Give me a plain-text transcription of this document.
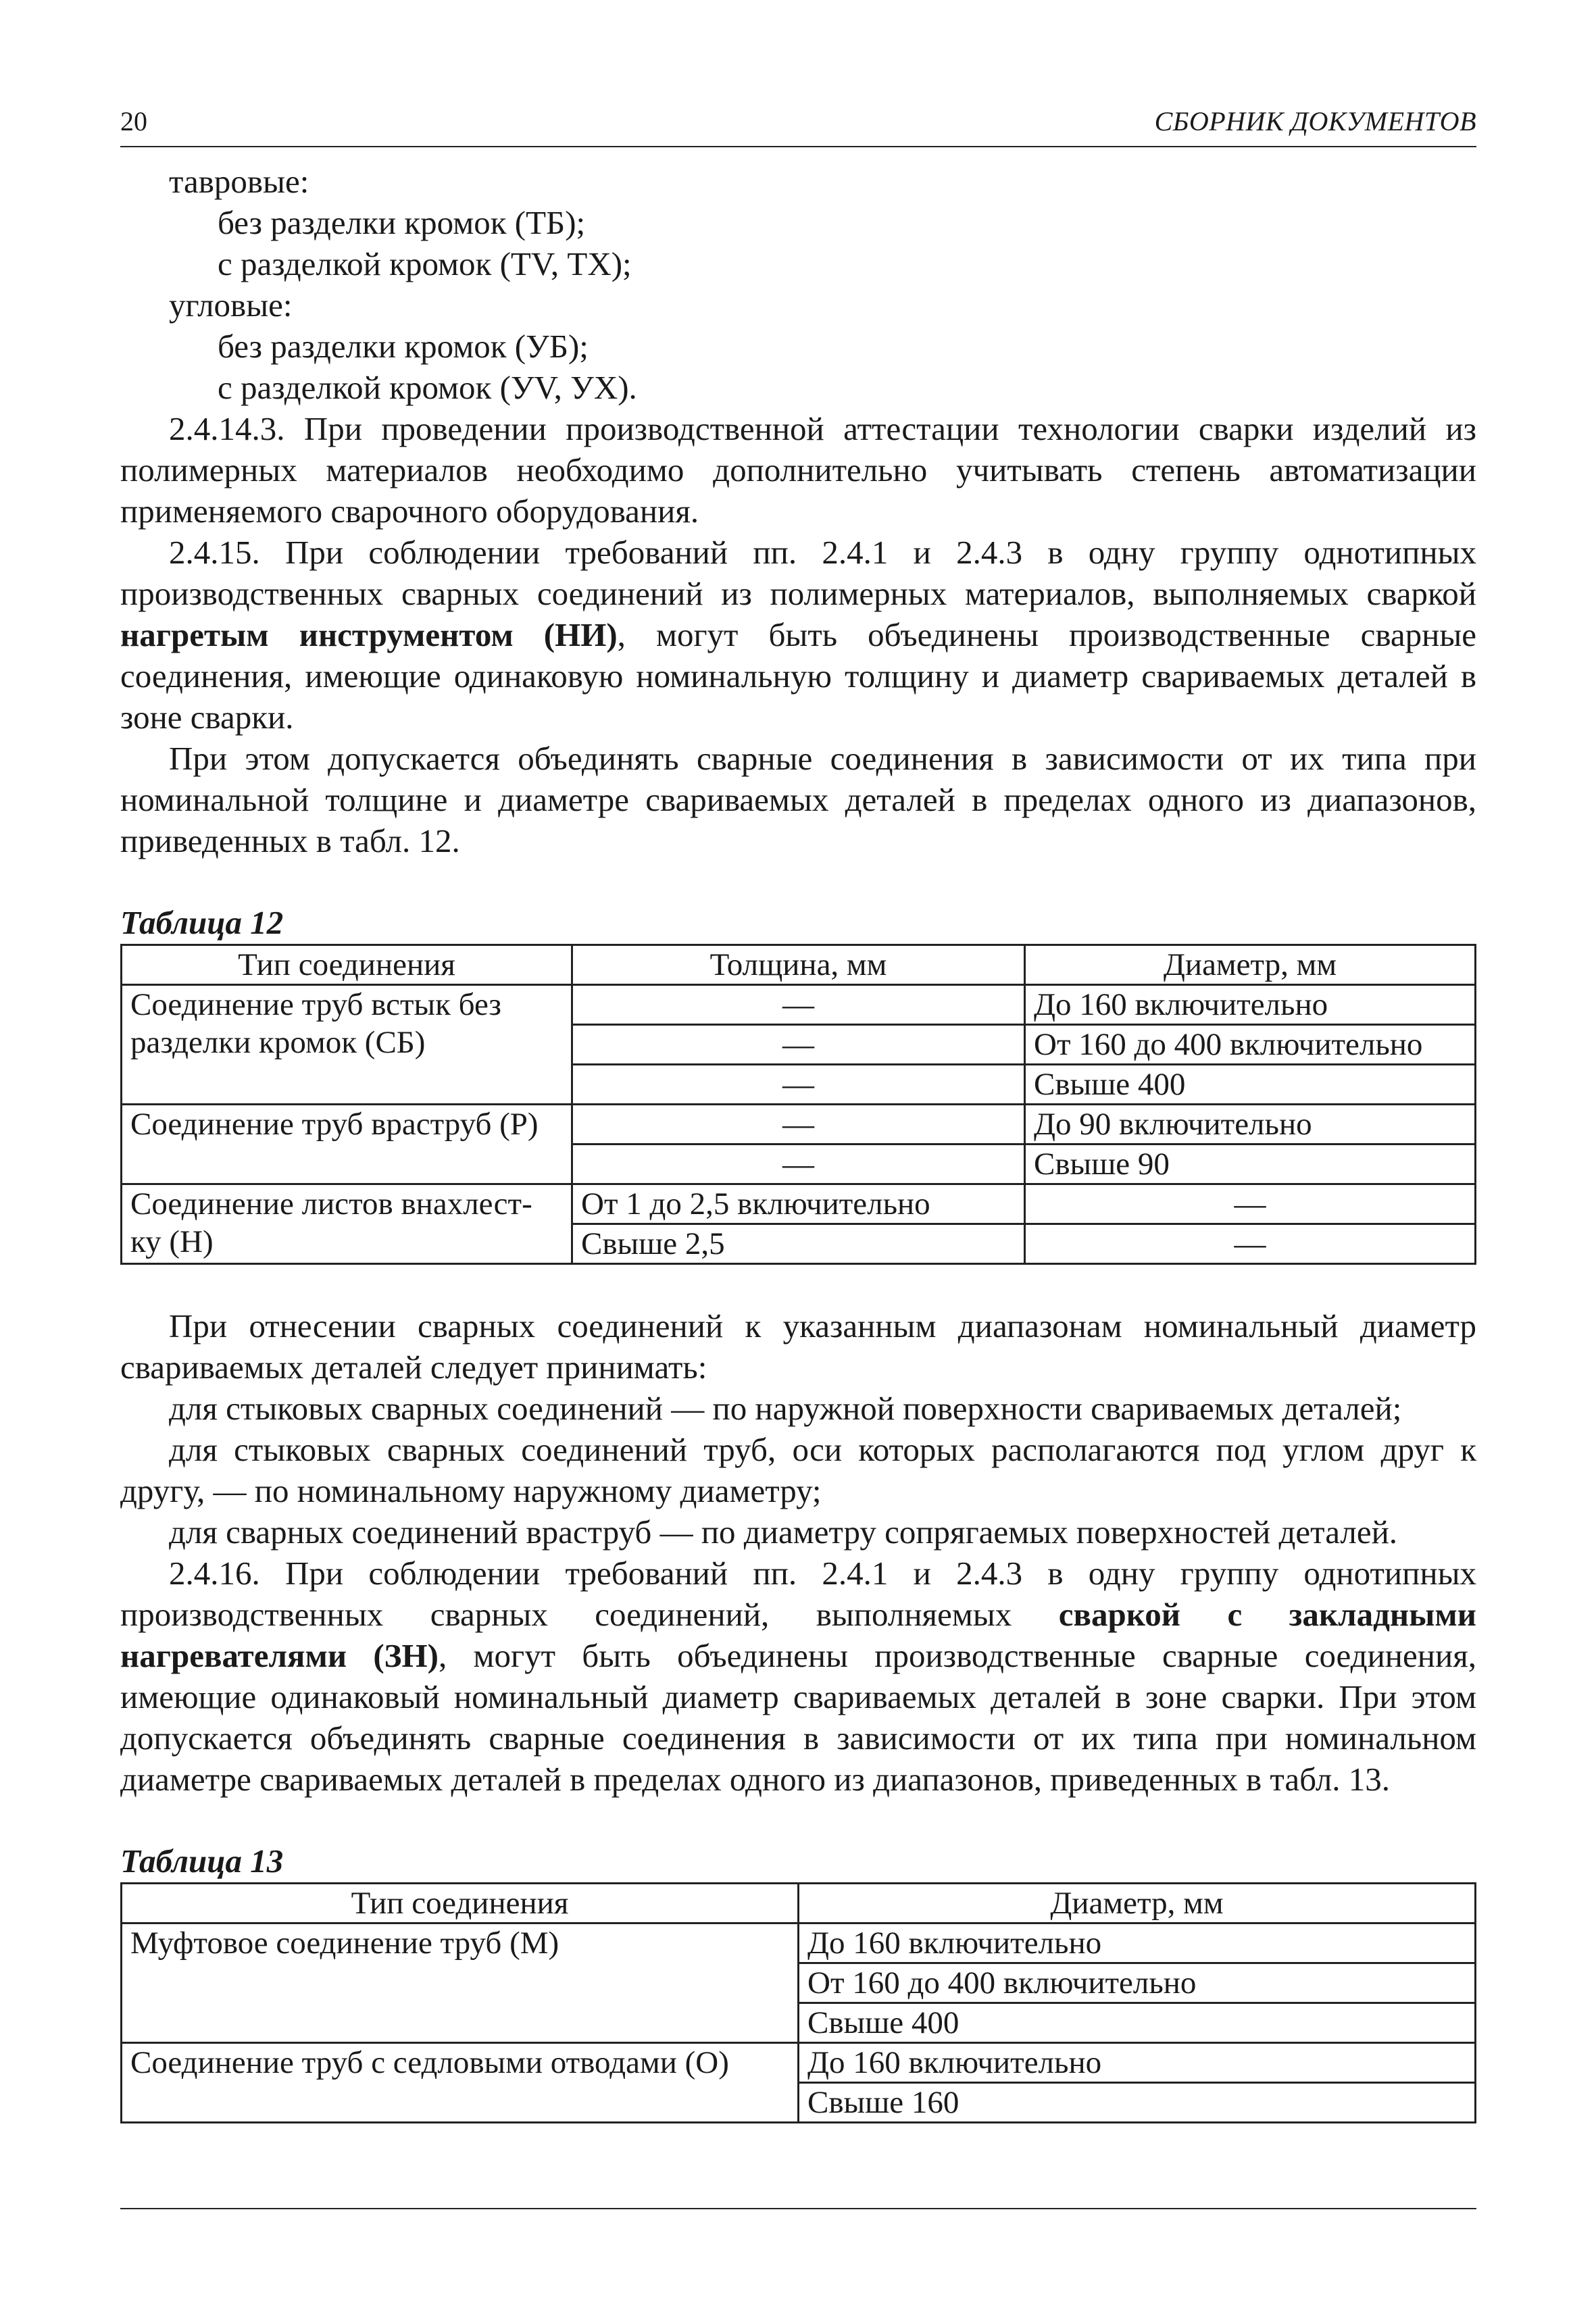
20	СБОРНИК ДОКУМЕНТОВ

тавровые:

без разделки кромок (ТБ);

с разделкой кромок (ТV, ТХ);

угловые:

без разделки кромок (УБ);

с разделкой кромок (УV, УХ).

2.4.14.3. При проведении производственной аттестации технологии сварки изделий из полимерных материалов необходимо дополнительно учитывать степень автоматизации применяемого сварочного оборудования.

2.4.15. При соблюдении требований пп. 2.4.1 и 2.4.3 в одну группу однотипных производственных сварных соединений из полимерных материалов, выполняемых сваркой нагретым инструментом (НИ), могут быть объединены производственные сварные соединения, имеющие одинаковую номинальную толщину и диаметр свариваемых деталей в зоне сварки.

При этом допускается объединять сварные соединения в зависимости от их типа при номинальной толщине и диаметре свариваемых деталей в пределах одного из диапазонов, приведенных в табл. 12.

Таблица 12

Тип соединения	Толщина, мм	Диаметр, мм
Соединение труб встык без разделки кромок (СБ)	—	До 160 включительно
	—	От 160 до 400 включительно
	—	Свыше 400
Соединение труб враструб (Р)	—	До 90 включительно
	—	Свыше 90
Соединение листов внахлест-ку (Н)	От 1 до 2,5 включительно	—
	Свыше 2,5	—

При отнесении сварных соединений к указанным диапазонам номинальный диаметр свариваемых деталей следует принимать:

для стыковых сварных соединений — по наружной поверхности свариваемых деталей;

для стыковых сварных соединений труб, оси которых располагаются под углом друг к другу, — по номинальному наружному диаметру;

для сварных соединений враструб — по диаметру сопрягаемых поверхностей деталей.

2.4.16. При соблюдении требований пп. 2.4.1 и 2.4.3 в одну группу однотипных производственных сварных соединений, выполняемых сваркой с закладными нагревателями (ЗН), могут быть объединены производственные сварные соединения, имеющие одинаковый номинальный диаметр свариваемых деталей в зоне сварки. При этом допускается объединять сварные соединения в зависимости от их типа при номинальном диаметре свариваемых деталей в пределах одного из диапазонов, приведенных в табл. 13.

Таблица 13

Тип соединения	Диаметр, мм
Муфтовое соединение труб (М)	До 160 включительно
	От 160 до 400 включительно
	Свыше 400
Соединение труб с седловыми отводами (О)	До 160 включительно
	Свыше 160
